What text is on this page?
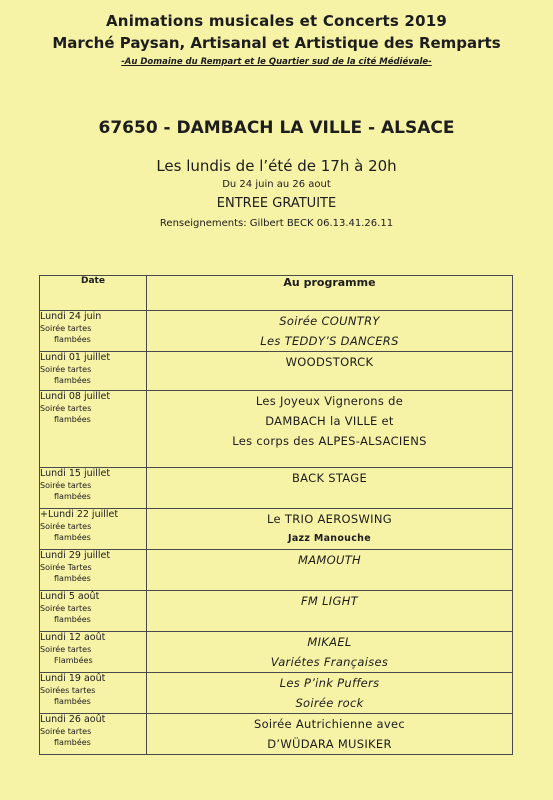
Animations musicales et Concerts 2019
Marché Paysan, Artisanal et Artistique des Remparts
-Au Domaine du Rempart et le Quartier sud de la cité Médiévale-
67650 - DAMBACH LA VILLE - ALSACE
Les lundis de l’été de 17h à 20h
Du 24 juin au 26 aout
ENTREE GRATUITE
Renseignements: Gilbert BECK 06.13.41.26.11
Date	Au programme
Lundi 24 juin
Soirée tartes
flambées	Soirée COUNTRY
Les TEDDY’S DANCERS

Lundi 01 juillet
Soirée tartes
flambées	WOODSTORCK

Lundi 08 juillet
Soirée tartes
flambées	Les Joyeux Vignerons de
DAMBACH la VILLE et
Les corps des ALPES-ALSACIENS

Lundi 15 juillet
Soirée tartes
flambées	BACK STAGE

+Lundi 22 juillet
Soirée tartes
flambées	Le TRIO AEROSWING
Jazz Manouche

Lundi 29 juillet
Soirée Tartes
flambées	MAMOUTH

Lundi 5 août
Soirée tartes
flambées	FM LIGHT

Lundi 12 août
Soirée tartes
Flambées	MIKAEL
Variétes Françaises

Lundi 19 août
Soirées tartes
flambées	Les P’ink Puffers
Soirée rock

Lundi 26 août
Soirée tartes
flambées	Soirée Autrichienne avec
D’WÜDARA MUSIKER
